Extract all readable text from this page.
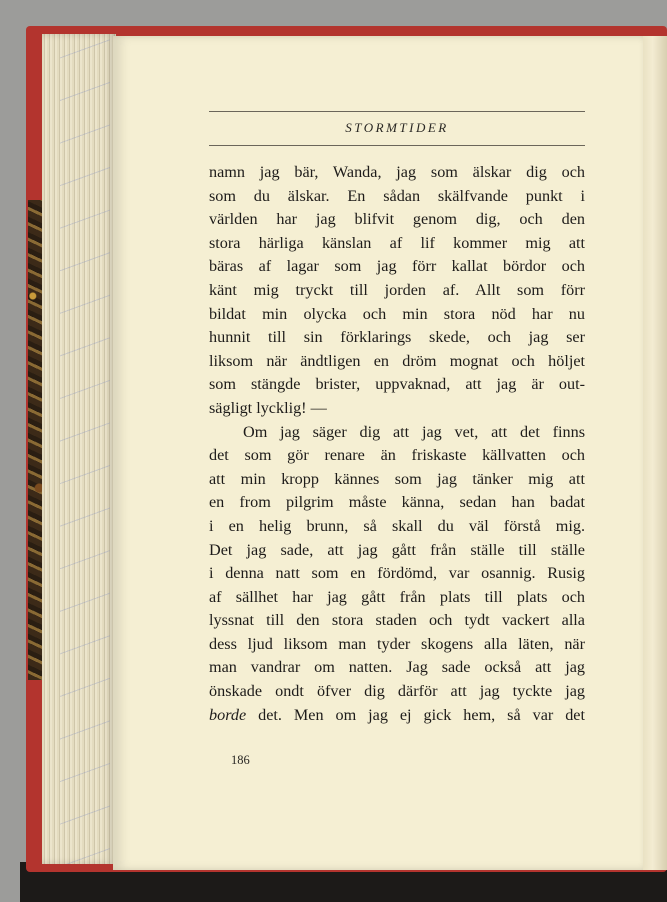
STORMTIDER
namn jag bär, Wanda, jag som älskar dig och
som du älskar. En sådan skälfvande punkt i
världen har jag blifvit genom dig, och den
stora härliga känslan af lif kommer mig att
bäras af lagar som jag förr kallat bördor och
känt mig tryckt till jorden af. Allt som förr
bildat min olycka och min stora nöd har nu
hunnit till sin förklarings skede, och jag ser
liksom när ändtligen en dröm mognat och höljet
som stängde brister, uppvaknad, att jag är out-
sägligt lycklig! —
Om jag säger dig att jag vet, att det finns
det som gör renare än friskaste källvatten och
att min kropp kännes som jag tänker mig att
en from pilgrim måste känna, sedan han badat
i en helig brunn, så skall du väl förstå mig.
Det jag sade, att jag gått från ställe till ställe
i denna natt som en fördömd, var osannig. Rusig
af sällhet har jag gått från plats till plats och
lyssnat till den stora staden och tydt vackert alla
dess ljud liksom man tyder skogens alla läten, när
man vandrar om natten. Jag sade också att jag
önskade ondt öfver dig därför att jag tyckte jag
borde det. Men om jag ej gick hem, så var det
186
